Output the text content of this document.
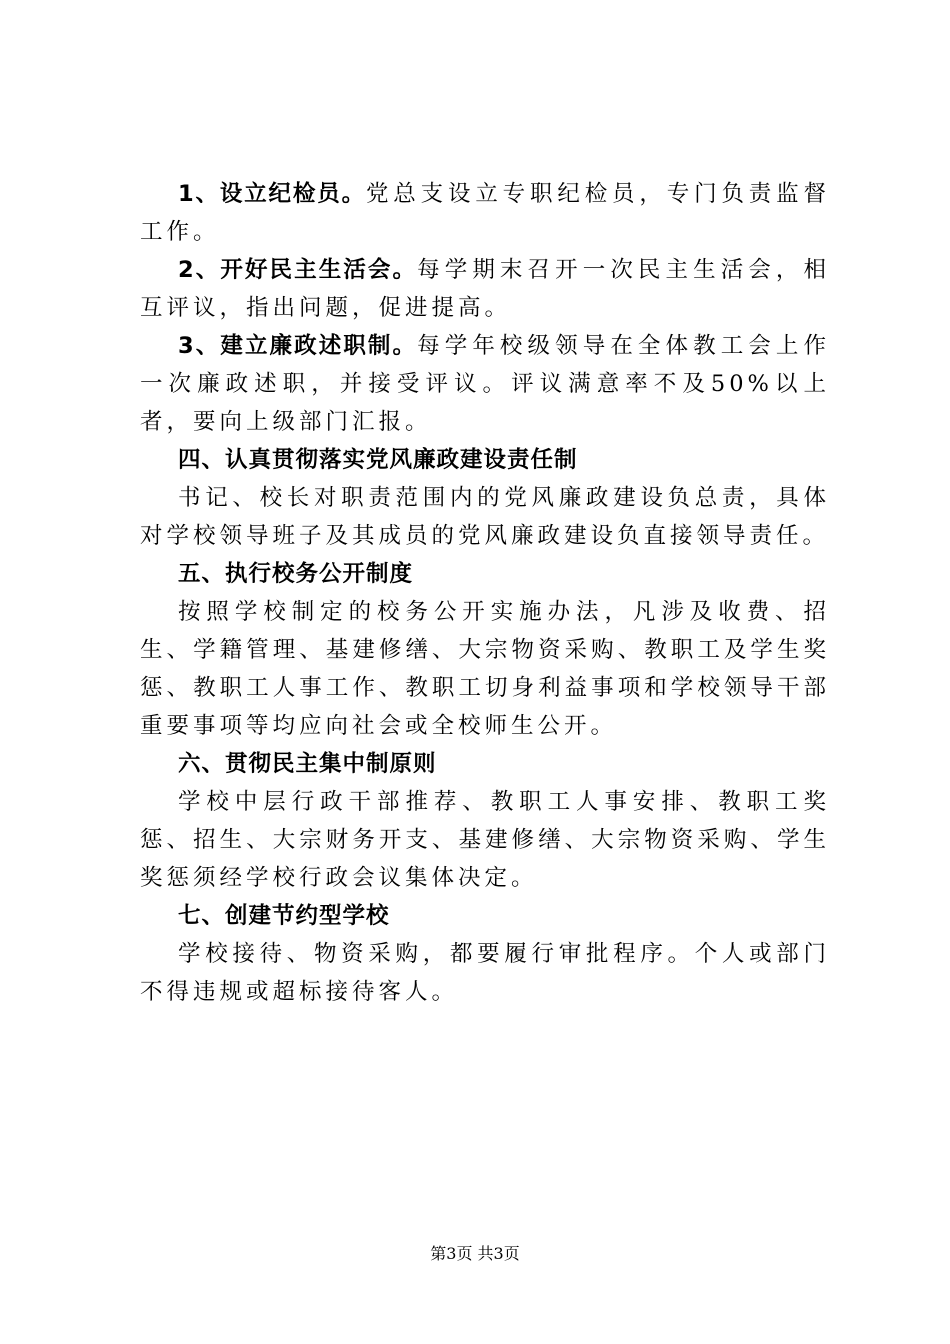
1、设立纪检员。党总支设立专职纪检员，专门负责监督工作。

2、开好民主生活会。每学期末召开一次民主生活会，相互评议，指出问题，促进提高。

3、建立廉政述职制。每学年校级领导在全体教工会上作一次廉政述职，并接受评议。评议满意率不及50%以上者，要向上级部门汇报。

四、认真贯彻落实党风廉政建设责任制

书记、校长对职责范围内的党风廉政建设负总责，具体对学校领导班子及其成员的党风廉政建设负直接领导责任。

五、执行校务公开制度

按照学校制定的校务公开实施办法，凡涉及收费、招生、学籍管理、基建修缮、大宗物资采购、教职工及学生奖惩、教职工人事工作、教职工切身利益事项和学校领导干部重要事项等均应向社会或全校师生公开。

六、贯彻民主集中制原则

学校中层行政干部推荐、教职工人事安排、教职工奖惩、招生、大宗财务开支、基建修缮、大宗物资采购、学生奖惩须经学校行政会议集体决定。

七、创建节约型学校

学校接待、物资采购，都要履行审批程序。个人或部门不得违规或超标接待客人。

第3页 共3页
